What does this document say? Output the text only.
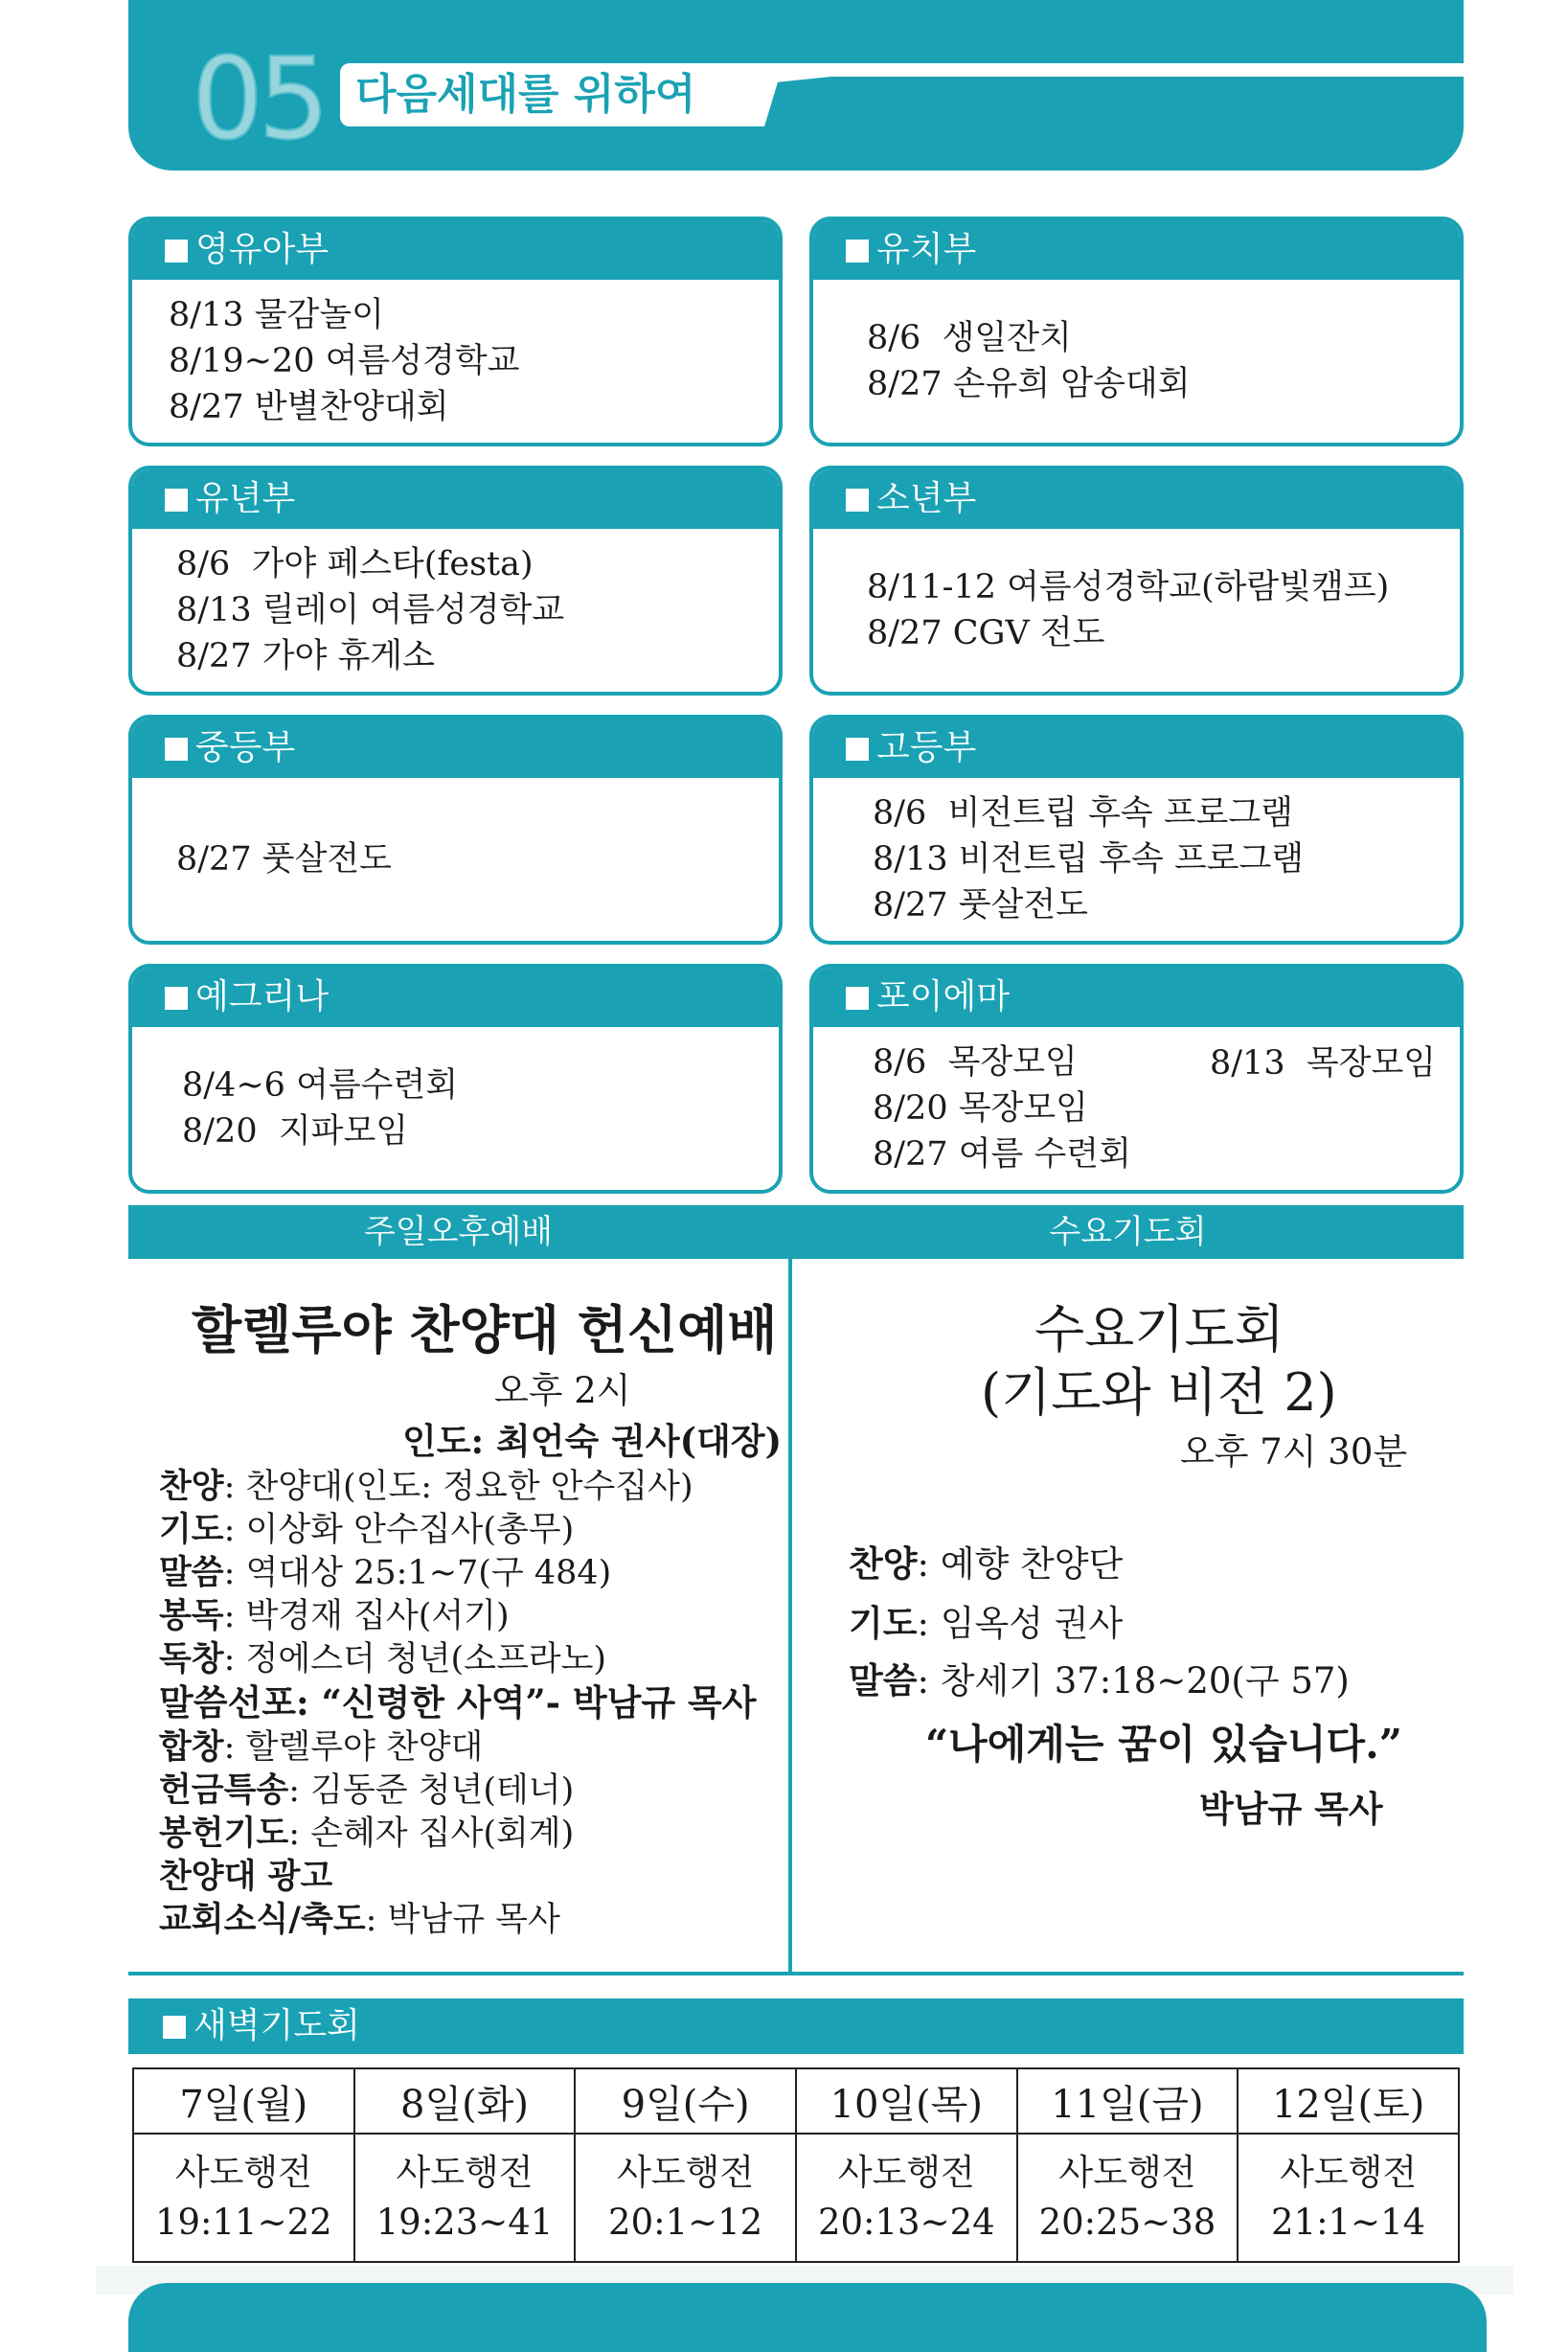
05 다음세대를 위하여
영유아부
8/13 물감놀이
8/19~20 여름성경학교
8/27 반별찬양대회
유치부
8/6 생일잔치
8/27 손유희 암송대회
유년부
8/6 가야 페스타(festa)
8/13 릴레이 여름성경학교
8/27 가야 휴게소
소년부
8/11-12 여름성경학교(하람빛캠프)
8/27 CGV 전도
중등부
8/27 풋살전도
고등부
8/6 비전트립 후속 프로그램
8/13 비전트립 후속 프로그램
8/27 풋살전도
예그리나
8/4~6 여름수련회
8/20 지파모임
포이에마
8/6 목장모임
8/20 목장모임
8/27 여름 수련회
8/13  목장모임
주일오후예배	수요기도회
할렐루야 찬양대 헌신예배
오후 2시
인도: 최언숙 권사(대장)
찬양: 찬양대(인도: 정요한 안수집사)
기도: 이상화 안수집사(총무)
말씀: 역대상 25:1~7(구 484)
봉독: 박경재 집사(서기)
독창: 정에스더 청년(소프라노)
말씀선포: “신령한 사역”- 박남규 목사
합창: 할렐루야 찬양대
헌금특송: 김동준 청년(테너)
봉헌기도: 손혜자 집사(회계)
찬양대 광고
교회소식/축도: 박남규 목사
수요기도회
(기도와 비전 2)
오후 7시 30분
찬양: 예향 찬양단
기도: 임옥성 권사
말씀: 창세기 37:18~20(구 57)
“나에게는 꿈이 있습니다.”
박남규 목사
새벽기도회
7일(월)	8일(화)	9일(수)	10일(목)	11일(금)	12일(토)

사도행전
19:11~22	사도행전
19:23~41	사도행전
20:1~12	사도행전
20:13~24	사도행전
20:25~38	사도행전
21:1~14
